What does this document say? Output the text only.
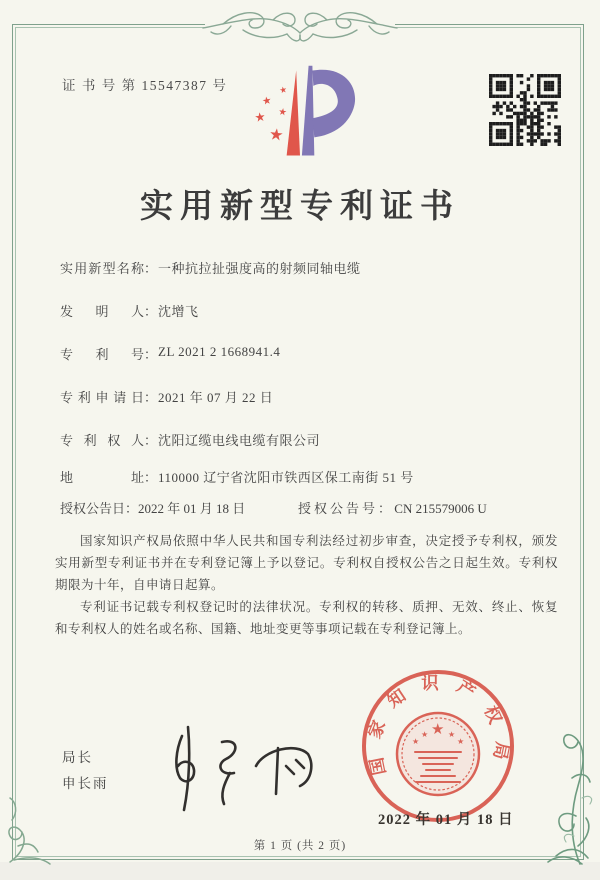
证 书 号 第 15547387 号	★
★
★
★
★
实用新型专利证书
实用新型名称 ： 一种抗拉扯强度高的射频同轴电缆
发　明　人 ： 沈增飞
专　利　号 ： ZL 2021 2 1668941.4
专利申请日 ： 2021 年 07 月 22 日
专 利 权 人 ： 沈阳辽缆电线电缆有限公司
地　　　址 ： 110000 辽宁省沈阳市铁西区保工南街 51 号
授权公告日 ： 2022 年 01 月 18 日	授权公告号： CN 215579006 U

国家知识产权局依照中华人民共和国专利法经过初步审查，决定授予专利权，颁发实用新型专利证书并在专利登记簿上予以登记。专利权自授权公告之日起生效。专利权期限为十年，自申请日起算。

专利证书记载专利权登记时的法律状况。专利权的转移、质押、无效、终止、恢复和专利权人的姓名或名称、国籍、地址变更等事项记载在专利登记簿上。

局长
申长雨
国家知识产权局
★
★
★ ★
★
2022 年 01 月 18 日
第 1 页 (共 2 页)
